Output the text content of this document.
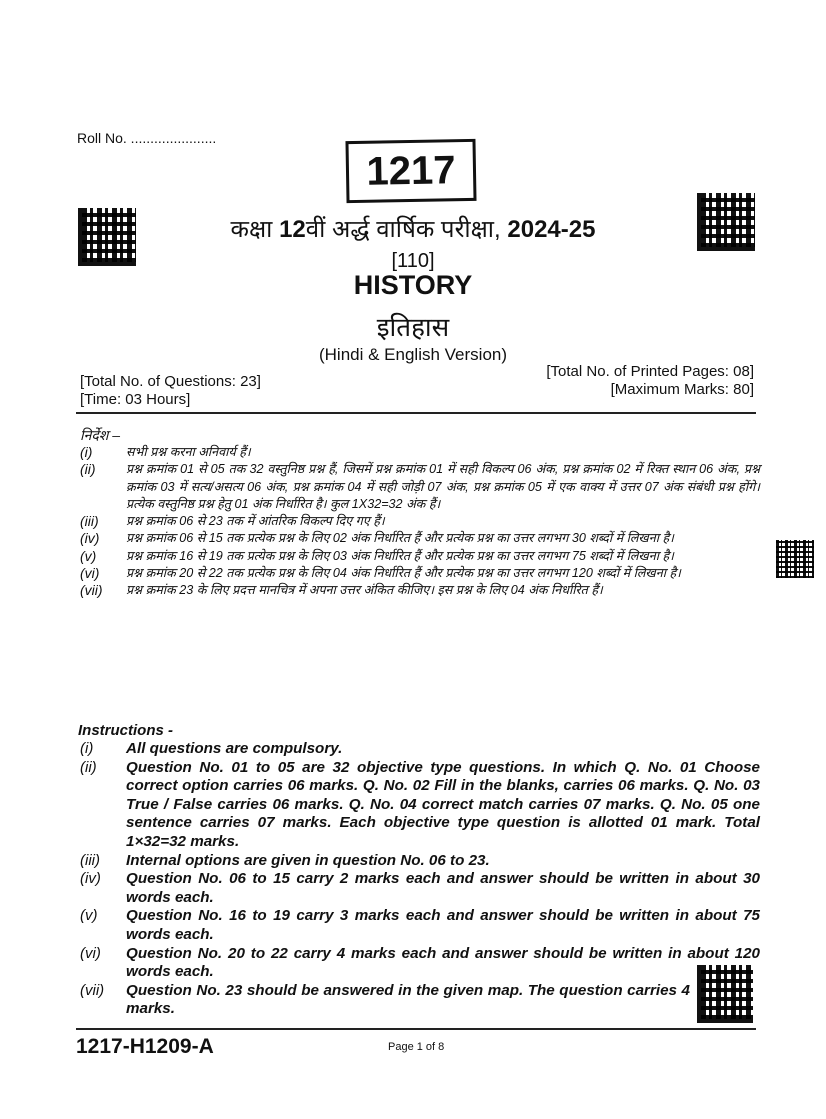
Roll No. ......................
1217
कक्षा 12वीं अर्द्ध वार्षिक परीक्षा, 2024-25
[110]
HISTORY
इतिहास
(Hindi & English Version)
[Total No. of Questions: 23]
[Time: 03 Hours]
[Total No. of Printed Pages: 08]
[Maximum Marks: 80]
निर्देश –
(i)	सभी प्रश्न करना अनिवार्य हैं।
(ii)	प्रश्न क्रमांक 01 से 05 तक 32 वस्तुनिष्ठ प्रश्न हैं, जिसमें प्रश्न क्रमांक 01 में सही विकल्प 06 अंक, प्रश्न क्रमांक 02 में रिक्त स्थान 06 अंक, प्रश्न क्रमांक 03 में सत्य/असत्य 06 अंक, प्रश्न क्रमांक 04 में सही जोड़ी 07 अंक, प्रश्न क्रमांक 05 में एक वाक्य में उत्तर 07 अंक संबंधी प्रश्न होंगे। प्रत्येक वस्तुनिष्ठ प्रश्न हेतु 01 अंक निर्धारित है। कुल 1X32=32 अंक हैं।
(iii)	प्रश्न क्रमांक 06 से 23 तक में आंतरिक विकल्प दिए गए हैं।
(iv)	प्रश्न क्रमांक 06 से 15 तक प्रत्येक प्रश्न के लिए 02 अंक निर्धारित हैं और प्रत्येक प्रश्न का उत्तर लगभग 30 शब्दों में लिखना है।
(v)	प्रश्न क्रमांक 16 से 19 तक प्रत्येक प्रश्न के लिए 03 अंक निर्धारित हैं और प्रत्येक प्रश्न का उत्तर लगभग 75 शब्दों में लिखना है।
(vi)	प्रश्न क्रमांक 20 से 22 तक प्रत्येक प्रश्न के लिए 04 अंक निर्धारित हैं और प्रत्येक प्रश्न का उत्तर लगभग 120 शब्दों में लिखना है।
(vii)	प्रश्न क्रमांक 23 के लिए प्रदत्त मानचित्र में अपना उत्तर अंकित कीजिए। इस प्रश्न के लिए 04 अंक निर्धारित हैं।
Instructions -
(i)	All questions are compulsory.
(ii)	Question No. 01 to 05 are 32 objective type questions. In which Q. No. 01 Choose correct option carries 06 marks. Q. No. 02 Fill in the blanks, carries 06 marks. Q. No. 03 True / False carries 06 marks. Q. No. 04 correct match carries 07 marks. Q. No. 05 one sentence carries 07 marks. Each objective type question is allotted 01 mark. Total 1×32=32 marks.
(iii)	Internal options are given in question No. 06 to 23.
(iv)	Question No. 06 to 15 carry 2 marks each and answer should be written in about 30 words each.
(v)	Question No. 16 to 19 carry 3 marks each and answer should be written in about 75 words each.
(vi)	Question No. 20 to 22 carry 4 marks each and answer should be written in about 120 words each.
(vii)	Question No. 23 should be answered in the given map. The question carries 4 marks.
1217-H1209-A	Page 1 of 8
